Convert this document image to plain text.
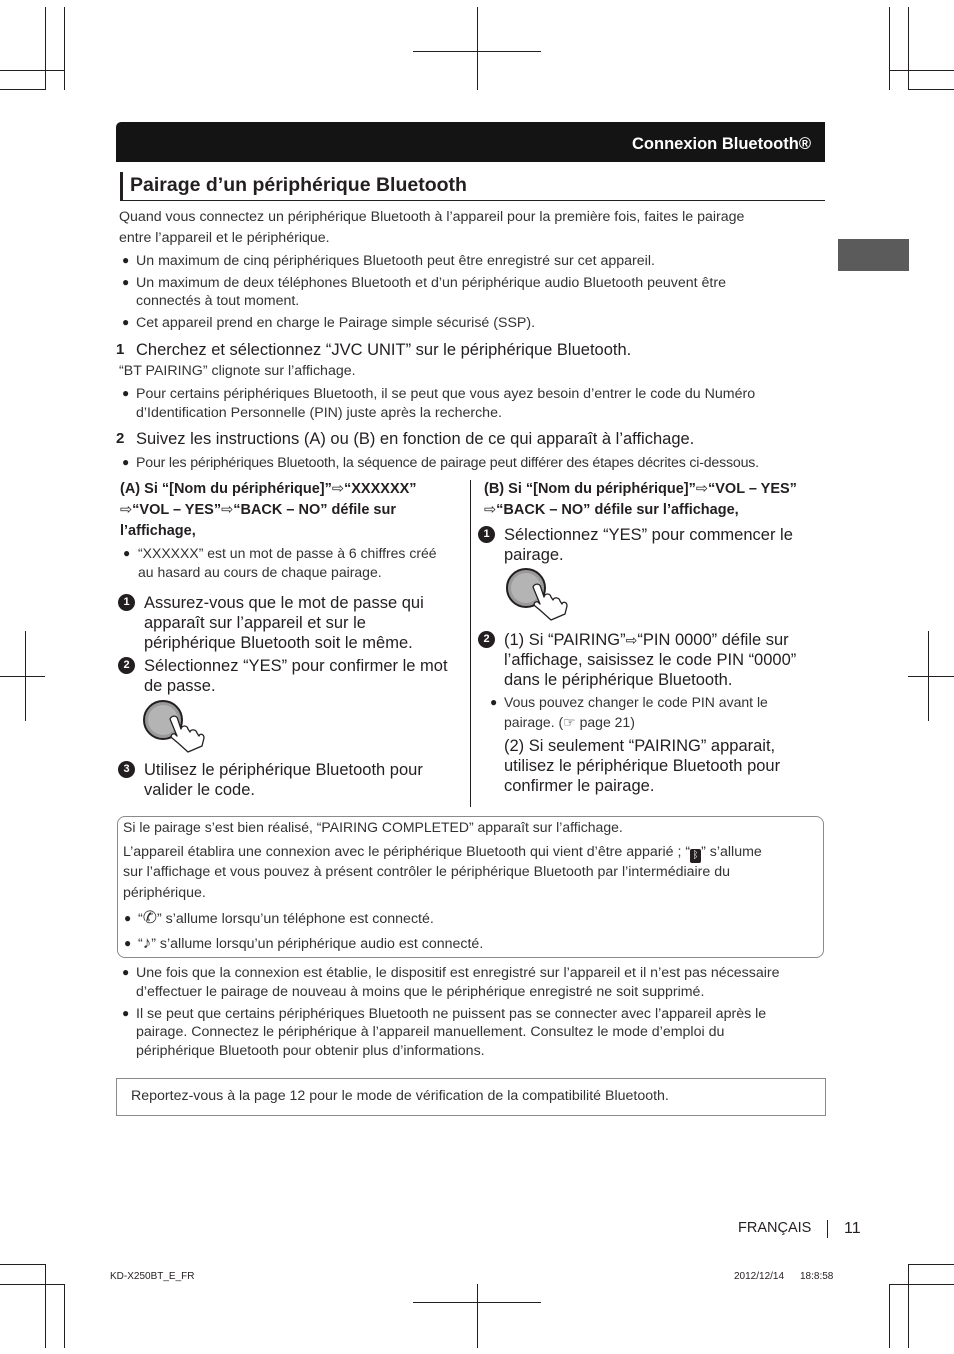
Connexion Bluetooth®
Pairage d’un périphérique Bluetooth
Quand vous connectez un périphérique Bluetooth à l’appareil pour la première fois, faites le pairage
entre l’appareil et le périphérique.
● Un maximum de cinq périphériques Bluetooth peut être enregistré sur cet appareil.
● Un maximum de deux téléphones Bluetooth et d’un périphérique audio Bluetooth peuvent être
connectés à tout moment.
● Cet appareil prend en charge le Pairage simple sécurisé (SSP).
1 Cherchez et sélectionnez “JVC UNIT” sur le périphérique Bluetooth.
“BT PAIRING” clignote sur l’affichage.
● Pour certains périphériques Bluetooth, il se peut que vous ayez besoin d’entrer le code du Numéro
d’Identification Personnelle (PIN) juste après la recherche.
2 Suivez les instructions (A) ou (B) en fonction de ce qui apparaît à l’affichage.
● Pour les périphériques Bluetooth, la séquence de pairage peut différer des étapes décrites ci-dessous.
(A) Si “[Nom du périphérique]”⇨“XXXXXX”
⇨“VOL – YES”⇨“BACK – NO” défile sur
l’affichage,
● “XXXXXX” est un mot de passe à 6 chiffres créé
au hasard au cours de chaque pairage.
1 Assurez-vous que le mot de passe qui
apparaît sur l’appareil et sur le
périphérique Bluetooth soit le même.
2 Sélectionnez “YES” pour confirmer le mot
de passe.
3 Utilisez le périphérique Bluetooth pour
valider le code.
(B) Si “[Nom du périphérique]”⇨“VOL – YES”
⇨“BACK – NO” défile sur l’affichage,
1 Sélectionnez “YES” pour commencer le
pairage.
2 (1) Si “PAIRING”⇨“PIN 0000” défile sur
l’affichage, saisissez le code PIN “0000”
dans le périphérique Bluetooth.
● Vous pouvez changer le code PIN avant le
pairage. (☞ page 21)
(2) Si seulement “PAIRING” apparait,
utilisez le périphérique Bluetooth pour
confirmer le pairage.
Si le pairage s’est bien réalisé, “PAIRING COMPLETED” apparaît sur l’affichage.
L’appareil établira une connexion avec le périphérique Bluetooth qui vient d’être apparié ; “ ᛒ ” s’allume
sur l’affichage et vous pouvez à présent contrôler le périphérique Bluetooth par l’intermédiaire du
périphérique.
● “✆” s’allume lorsqu’un téléphone est connecté.
● “♪” s’allume lorsqu’un périphérique audio est connecté.
● Une fois que la connexion est établie, le dispositif est enregistré sur l’appareil et il n’est pas nécessaire
d’effectuer le pairage de nouveau à moins que le périphérique enregistré ne soit supprimé.
● Il se peut que certains périphériques Bluetooth ne puissent pas se connecter avec l’appareil après le
pairage. Connectez le périphérique à l’appareil manuellement. Consultez le mode d’emploi du
périphérique Bluetooth pour obtenir plus d’informations.
Reportez-vous à la page 12 pour le mode de vérification de la compatibilité Bluetooth.
FRANÇAIS 11
KD-X250BT_E_FR	2012/12/14 18:8:58
